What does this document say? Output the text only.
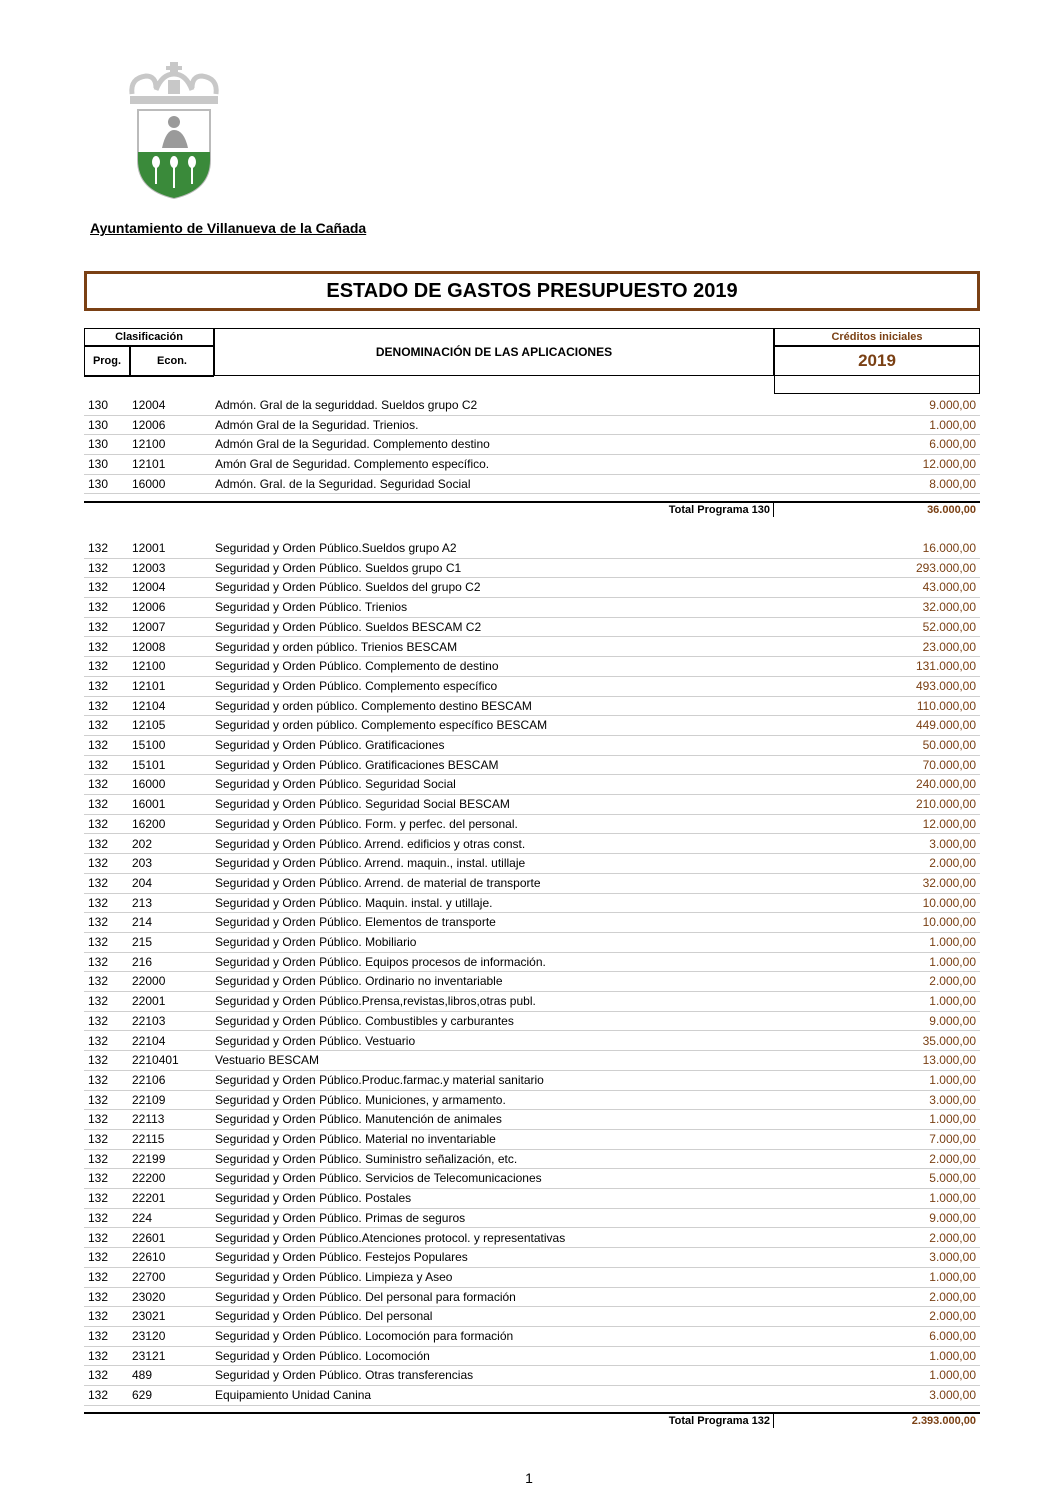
Ayuntamiento de Villanueva de la Cañada
ESTADO DE GASTOS PRESUPUESTO 2019
Clasificación
Prog.	Econ.
DENOMINACIÓN DE LAS APLICACIONES
Créditos iniciales
2019
130 12004	Admón. Gral de la seguriddad. Sueldos grupo C2	9.000,00
130 12006	Admón Gral de la Seguridad. Trienios.	1.000,00
130 12100	Admón Gral de la Seguridad. Complemento destino	6.000,00
130 12101	Amón Gral de Seguridad. Complemento específico.	12.000,00
130 16000	Admón. Gral. de la Seguridad. Seguridad Social	8.000,00
Total Programa 130	36.000,00
132 12001	Seguridad y Orden Público.Sueldos grupo A2	16.000,00
132 12003	Seguridad y Orden Público. Sueldos grupo C1	293.000,00
132 12004	Seguridad y Orden Público. Sueldos del grupo C2	43.000,00
132 12006	Seguridad y Orden Público. Trienios	32.000,00
132 12007	Seguridad y Orden Público. Sueldos BESCAM C2	52.000,00
132 12008	Seguridad y orden público. Trienios BESCAM	23.000,00
132 12100	Seguridad y Orden Público. Complemento de destino	131.000,00
132 12101	Seguridad y Orden Público. Complemento específico	493.000,00
132 12104	Seguridad y orden público. Complemento destino BESCAM	110.000,00
132 12105	Seguridad y orden público. Complemento específico BESCAM	449.000,00
132 15100	Seguridad y Orden Público. Gratificaciones	50.000,00
132 15101	Seguridad y Orden Público. Gratificaciones BESCAM	70.000,00
132 16000	Seguridad y Orden Público. Seguridad Social	240.000,00
132 16001	Seguridad y Orden Público. Seguridad Social BESCAM	210.000,00
132 16200	Seguridad y Orden Público. Form. y perfec. del personal.	12.000,00
132 202	Seguridad y Orden Público. Arrend. edificios y otras const.	3.000,00
132 203	Seguridad y Orden Público. Arrend. maquin., instal. utillaje	2.000,00
132 204	Seguridad y Orden Público. Arrend. de material de transporte	32.000,00
132 213	Seguridad y Orden Público. Maquin. instal. y utillaje.	10.000,00
132 214	Seguridad y Orden Público. Elementos de transporte	10.000,00
132 215	Seguridad y Orden Público. Mobiliario	1.000,00
132 216	Seguridad y Orden Público. Equipos procesos de información.	1.000,00
132 22000	Seguridad y Orden Público. Ordinario no inventariable	2.000,00
132 22001	Seguridad y Orden Público.Prensa,revistas,libros,otras publ.	1.000,00
132 22103	Seguridad y Orden Público. Combustibles y carburantes	9.000,00
132 22104	Seguridad y Orden Público. Vestuario	35.000,00
132 2210401	Vestuario BESCAM	13.000,00
132 22106	Seguridad y Orden Público.Produc.farmac.y material sanitario	1.000,00
132 22109	Seguridad y Orden Público. Municiones, y armamento.	3.000,00
132 22113	Seguridad y Orden Público. Manutención de animales	1.000,00
132 22115	Seguridad y Orden Público. Material no inventariable	7.000,00
132 22199	Seguridad y Orden Público. Suministro señalización, etc.	2.000,00
132 22200	Seguridad y Orden Público. Servicios de Telecomunicaciones	5.000,00
132 22201	Seguridad y Orden Público. Postales	1.000,00
132 224	Seguridad y Orden Público. Primas de seguros	9.000,00
132 22601	Seguridad y Orden Público.Atenciones protocol. y representativas	2.000,00
132 22610	Seguridad y Orden Público. Festejos Populares	3.000,00
132 22700	Seguridad y Orden Público. Limpieza y Aseo	1.000,00
132 23020	Seguridad y Orden Público. Del personal para formación	2.000,00
132 23021	Seguridad y Orden Público. Del personal	2.000,00
132 23120	Seguridad y Orden Público. Locomoción para formación	6.000,00
132 23121	Seguridad y Orden Público. Locomoción	1.000,00
132 489	Seguridad y Orden Público. Otras transferencias	1.000,00
132 629	Equipamiento Unidad Canina	3.000,00
Total Programa 132	2.393.000,00
1
